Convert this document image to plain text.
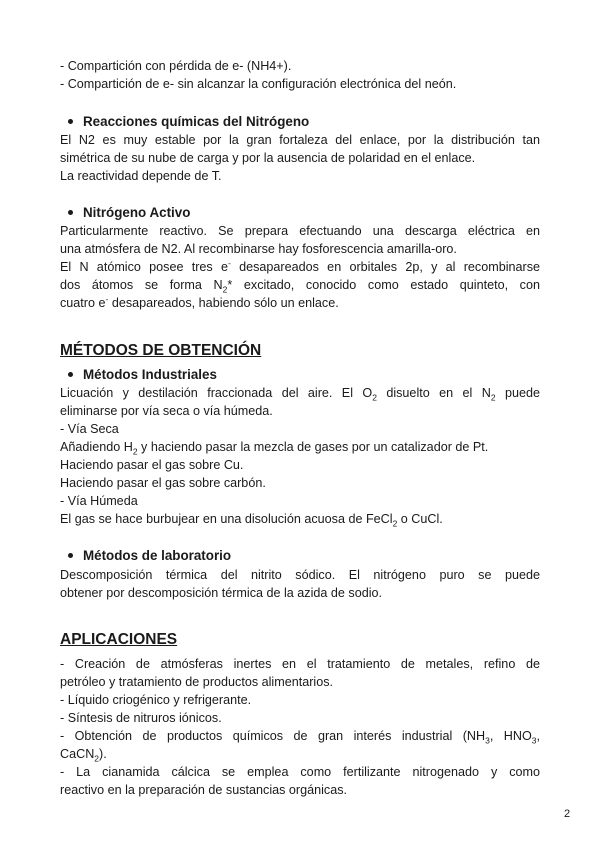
- Compartición con pérdida de e- (NH4+).
- Compartición de e- sin alcanzar la configuración electrónica del neón.
Reacciones químicas del Nitrógeno
El N2 es muy estable por la gran fortaleza del enlace, por la distribución tan
simétrica de su nube de carga y por la ausencia de polaridad en el enlace.
La reactividad depende de T.
Nitrógeno Activo
Particularmente reactivo. Se prepara efectuando una descarga eléctrica en
una atmósfera de N2. Al recombinarse hay fosforescencia amarilla-oro.
El N atómico posee tres e- desapareados en orbitales 2p, y al recombinarse
dos átomos se forma $N_2*$ excitado, conocido como estado quinteto, con
cuatro e- desapareados, habiendo sólo un enlace.
MÉTODOS DE OBTENCIÓN
Métodos Industriales
Licuación y destilación fraccionada del aire. El $O_2$ disuelto en el $N_2$ puede
eliminarse por vía seca o vía húmeda.
- Vía Seca
Añadiendo $H_2$ y haciendo pasar la mezcla de gases por un catalizador de Pt.
Haciendo pasar el gas sobre Cu.
Haciendo pasar el gas sobre carbón.
- Vía Húmeda
El gas se hace burbujear en una disolución acuosa de FeCl$_2$ o CuCl.
Métodos de laboratorio
Descomposición térmica del nitrito sódico. El nitrógeno puro se puede
obtener por descomposición térmica de la azida de sodio.
APLICACIONES
- Creación de atmósferas inertes en el tratamiento de metales, refino de
petróleo y tratamiento de productos alimentarios.
- Líquido criogénico y refrigerante.
- Síntesis de nitruros iónicos.
- Obtención de productos químicos de gran interés industrial ($NH_3$, $HNO_3$,
CaCN$_2$).
- La cianamida cálcica se emplea como fertilizante nitrogenado y como
reactivo en la preparación de sustancias orgánicas.
2
